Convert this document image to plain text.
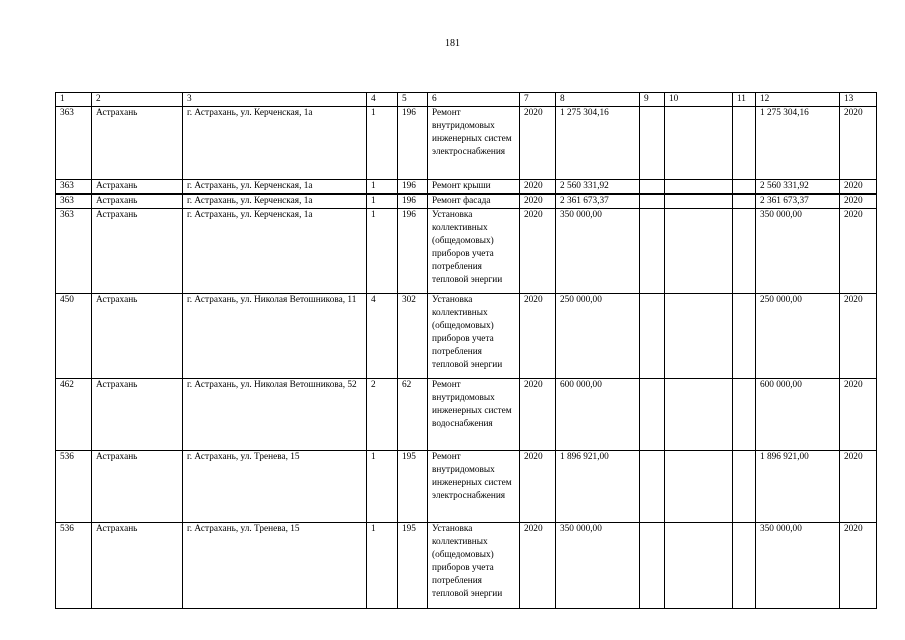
181
1	2	3	4	5	6	7	8	9	10	11	12	13
363	Астрахань	г. Астрахань, ул. Керченская, 1а	1	196	Ремонт внутридомовых инженерных систем электроснабжения	2020	1 275 304,16				1 275 304,16	2020
363	Астрахань	г. Астрахань, ул. Керченская, 1а	1	196	Ремонт крыши	2020	2 560 331,92				2 560 331,92	2020
363	Астрахань	г. Астрахань, ул. Керченская, 1а	1	196	Ремонт фасада	2020	2 361 673,37				2 361 673,37	2020
363	Астрахань	г. Астрахань, ул. Керченская, 1а	1	196	Установка коллективных (общедомовых) приборов учета потребления тепловой энергии	2020	350 000,00				350 000,00	2020
450	Астрахань	г. Астрахань, ул. Николая Ветошникова, 11	4	302	Установка коллективных (общедомовых) приборов учета потребления тепловой энергии	2020	250 000,00				250 000,00	2020
462	Астрахань	г. Астрахань, ул. Николая Ветошникова, 52	2	62	Ремонт внутридомовых инженерных систем водоснабжения	2020	600 000,00				600 000,00	2020
536	Астрахань	г. Астрахань, ул. Тренева, 15	1	195	Ремонт внутридомовых инженерных систем электроснабжения	2020	1 896 921,00				1 896 921,00	2020
536	Астрахань	г. Астрахань, ул. Тренева, 15	1	195	Установка коллективных (общедомовых) приборов учета потребления тепловой энергии	2020	350 000,00				350 000,00	2020
